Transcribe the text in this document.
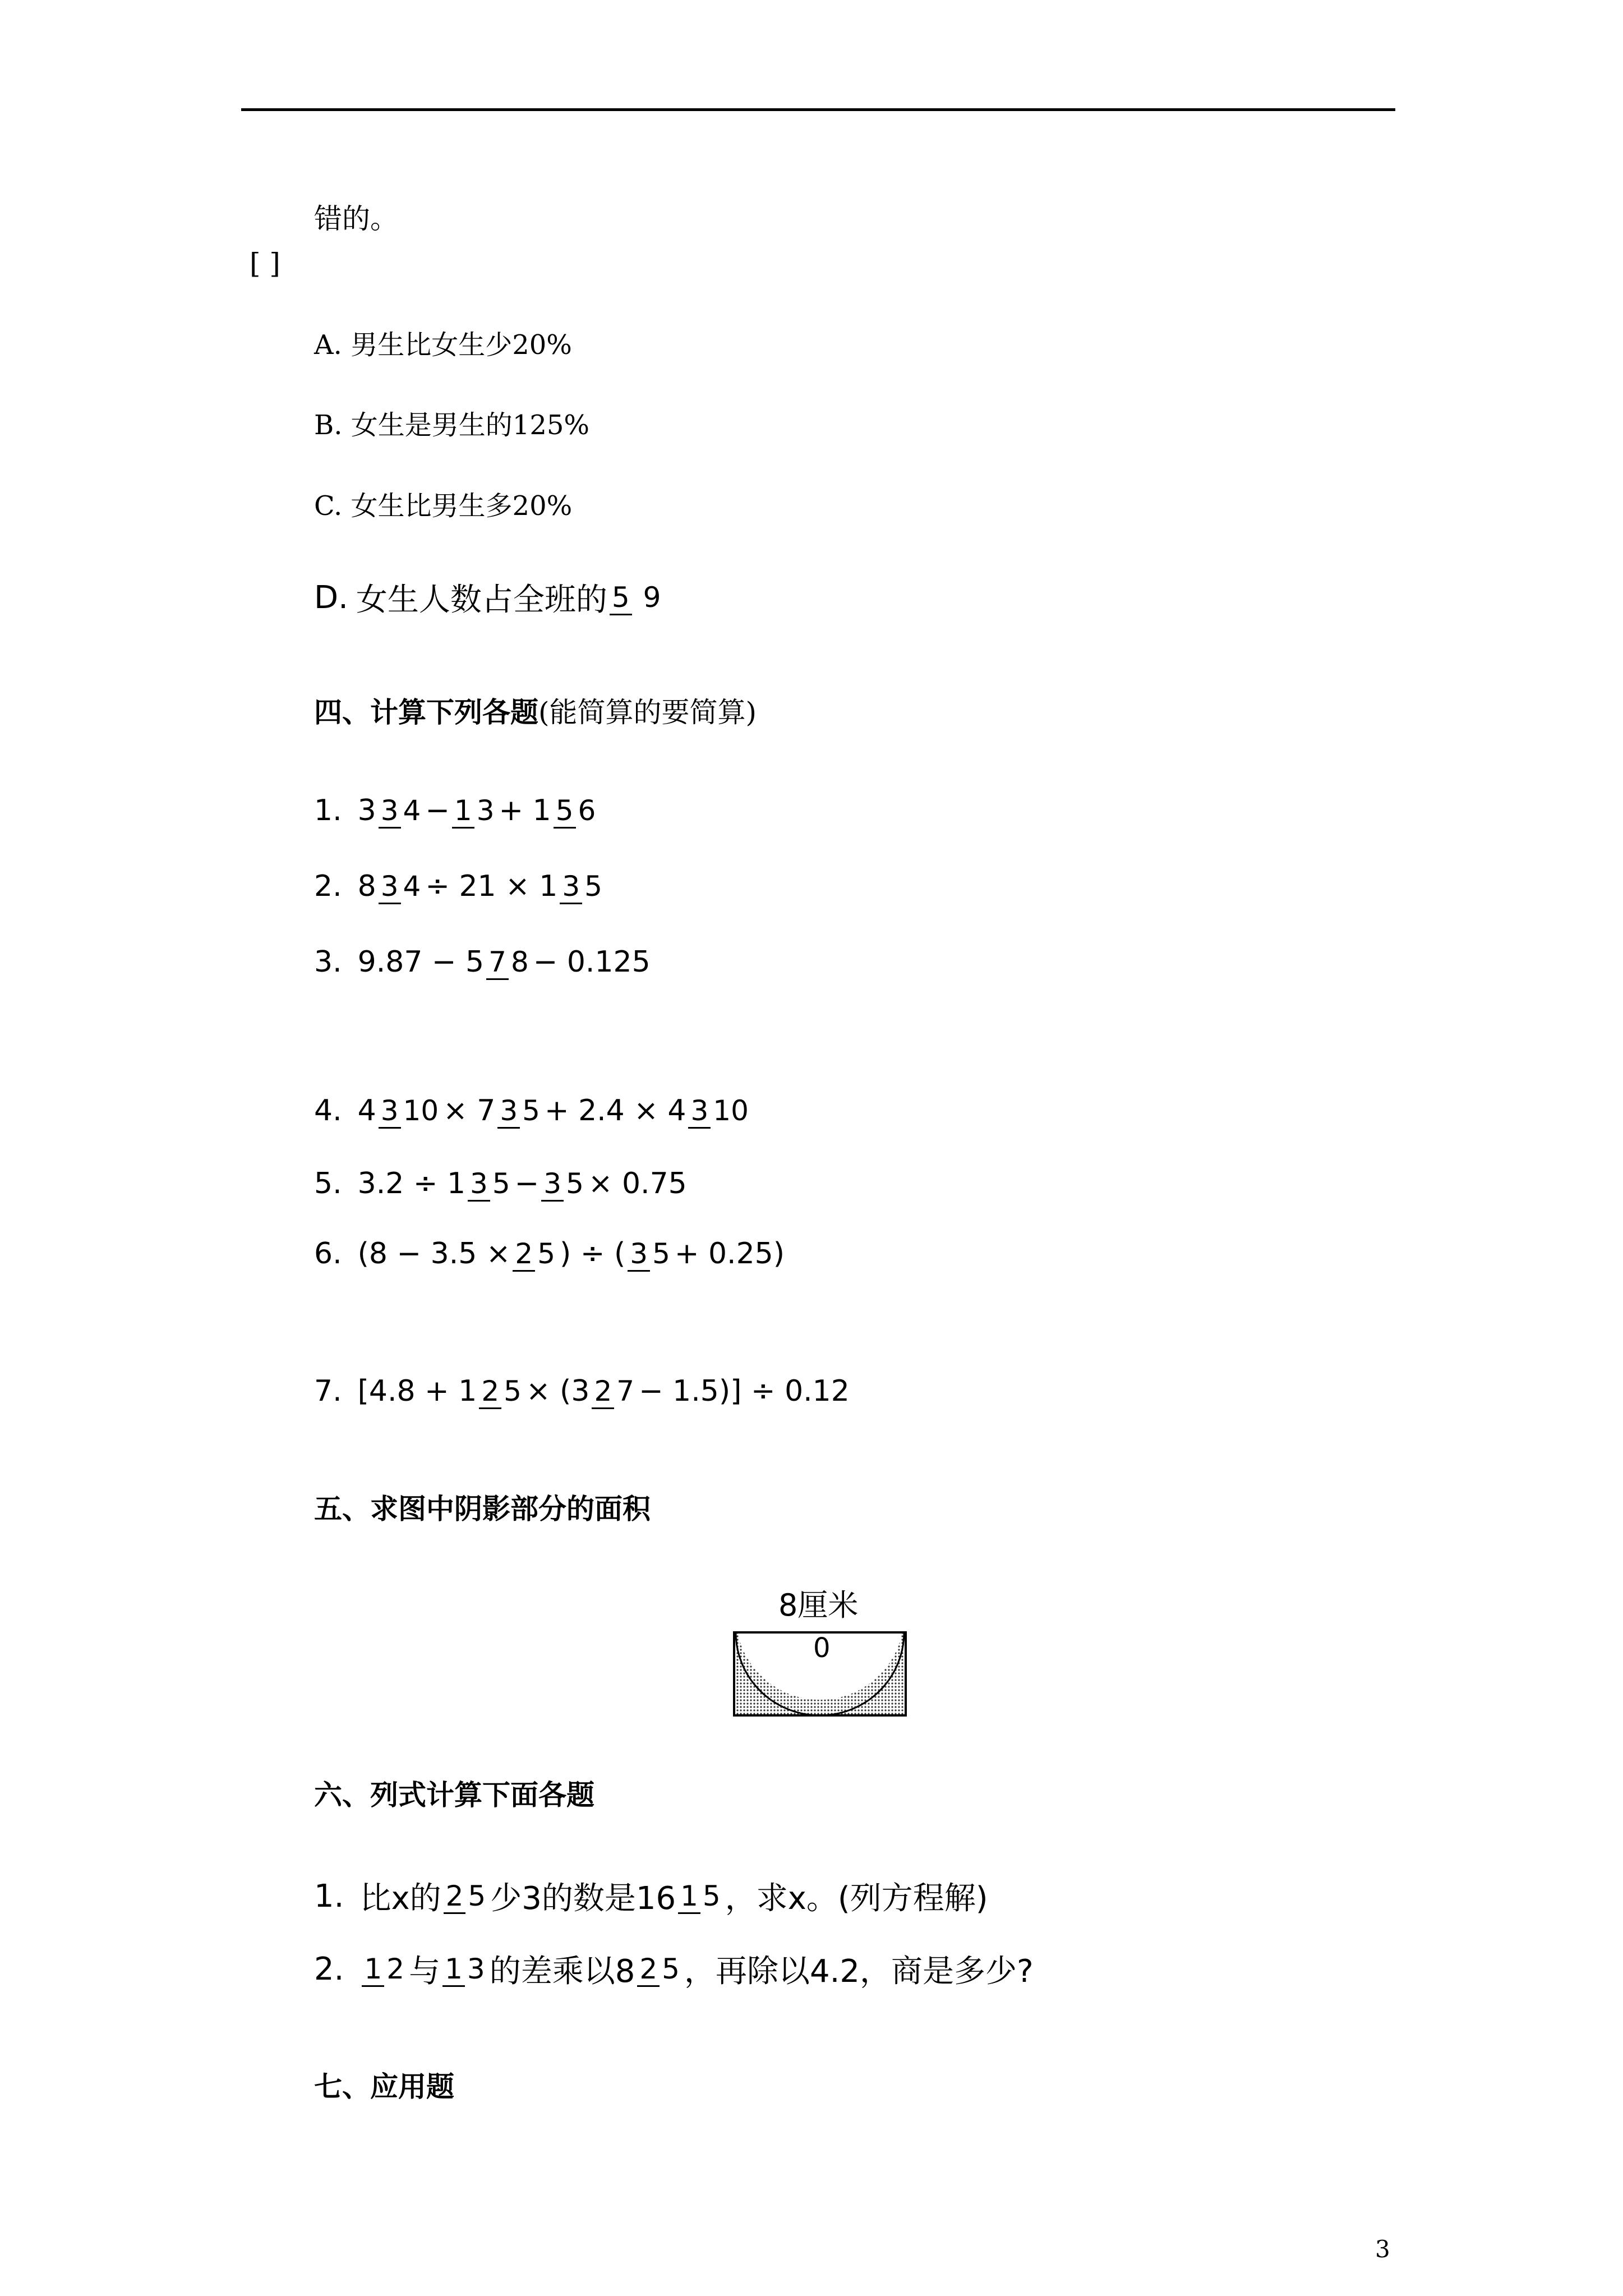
错的。
[ ]
A. 男生比女生少20%
B. 女生是男生的125%
C. 女生比男生多20%
D. 女生人数占全班的 5 9
四、计算下列各题(能简算的要简算)
1. 3 3 4 − 1 3 + 1 5 6
2. 8 3 4 ÷ 21 × 1 3 5
3. 9.87 − 5 7 8 − 0.125
4. 4 3 10 × 7 3 5 + 2.4 × 4 3 10
5. 3.2 ÷ 1 3 5 − 3 5 × 0.75
6. (8 − 3.5 × 2 5 ) ÷ ( 3 5 + 0.25)
7. [4.8 + 1 2 5 × (3 2 7 − 1.5)] ÷ 0.12
五、求图中阴影部分的面积
8厘米
0
六、列式计算下面各题
1. 比x的 2 5 少3的数是16 1 5 ，求x。(列方程解)
2. 1 2 与 1 3 的差乘以8 2 5 ，再除以4.2，商是多少?
七、应用题
3
